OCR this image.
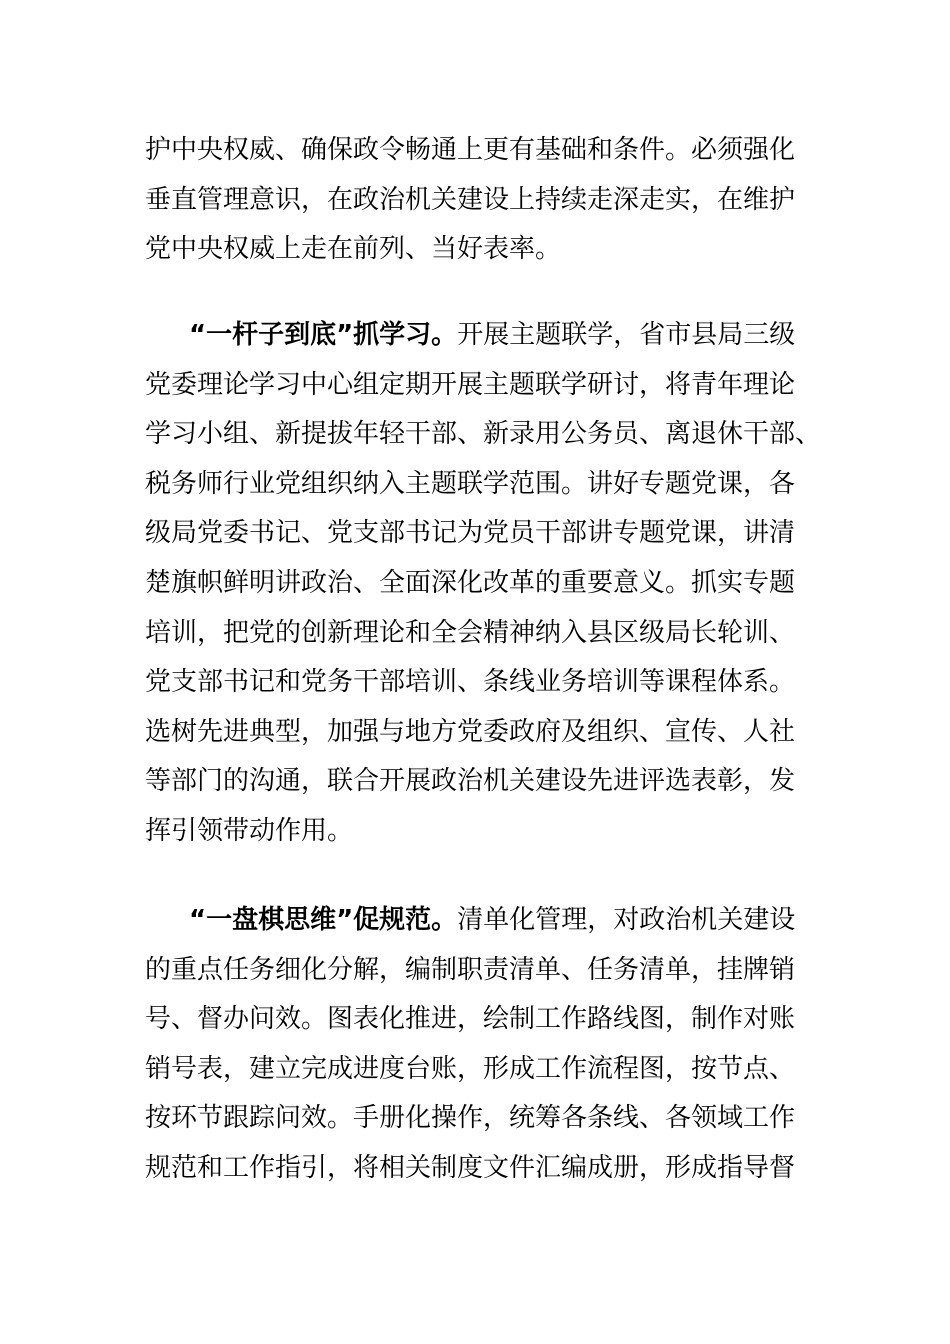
护中央权威、确保政令畅通上更有基础和条件。必须强化
垂直管理意识，在政治机关建设上持续走深走实，在维护
党中央权威上走在前列、当好表率。

“一杆子到底”抓学习。开展主题联学，省市县局三级
党委理论学习中心组定期开展主题联学研讨，将青年理论
学习小组、新提拔年轻干部、新录用公务员、离退休干部、
税务师行业党组织纳入主题联学范围。讲好专题党课，各
级局党委书记、党支部书记为党员干部讲专题党课，讲清
楚旗帜鲜明讲政治、全面深化改革的重要意义。抓实专题
培训，把党的创新理论和全会精神纳入县区级局长轮训、
党支部书记和党务干部培训、条线业务培训等课程体系。
选树先进典型，加强与地方党委政府及组织、宣传、人社
等部门的沟通，联合开展政治机关建设先进评选表彰，发
挥引领带动作用。

“一盘棋思维”促规范。清单化管理，对政治机关建设
的重点任务细化分解，编制职责清单、任务清单，挂牌销
号、督办问效。图表化推进，绘制工作路线图，制作对账
销号表，建立完成进度台账，形成工作流程图，按节点、
按环节跟踪问效。手册化操作，统筹各条线、各领域工作
规范和工作指引，将相关制度文件汇编成册，形成指导督
